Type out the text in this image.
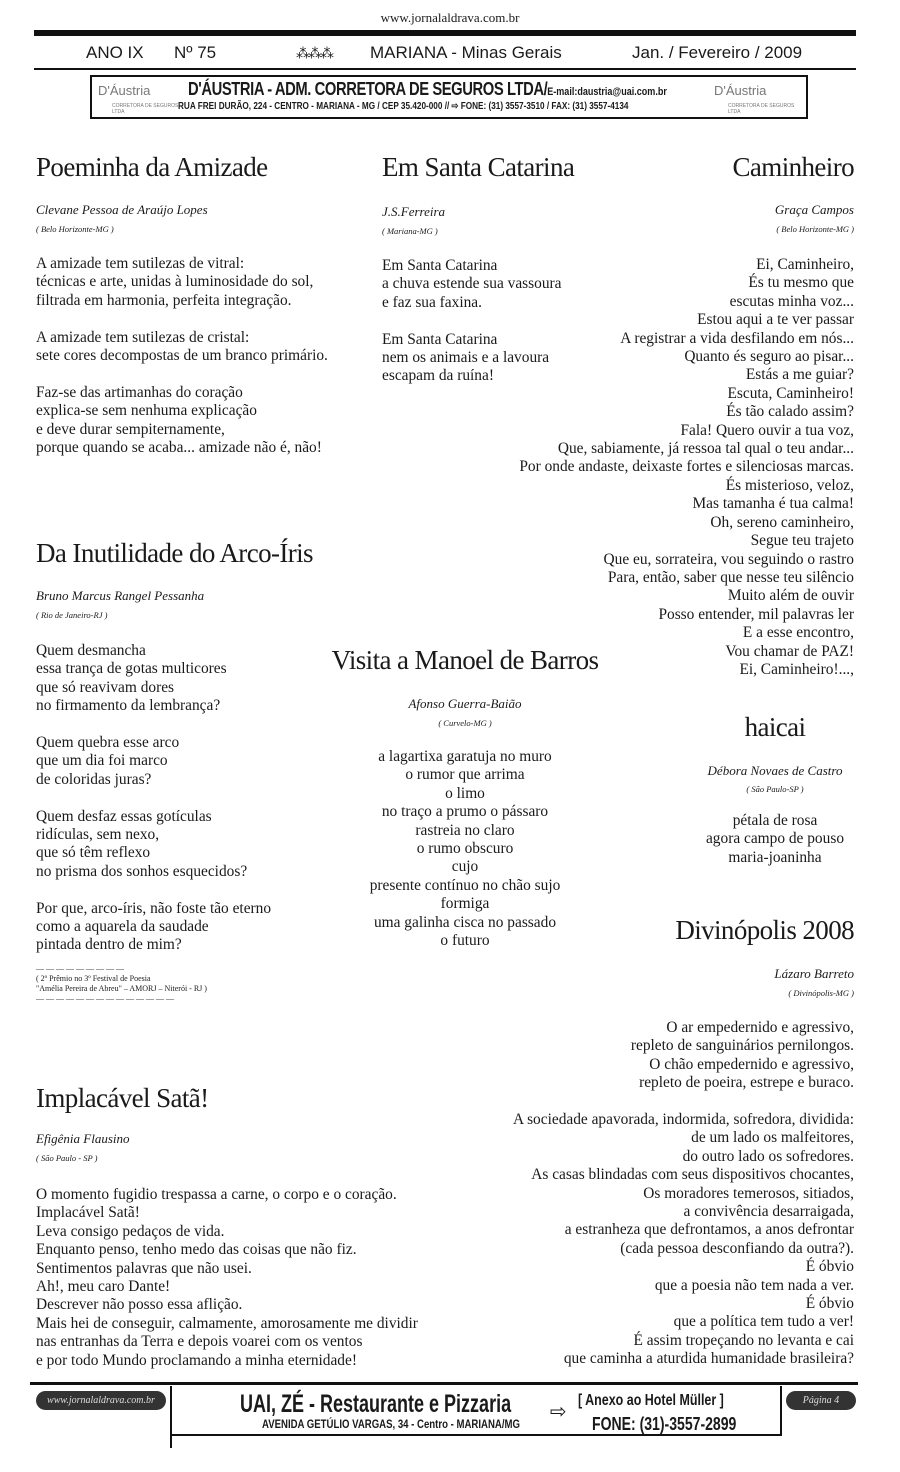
www.jornalaldrava.com.br
ANO IX Nº 75	⁂⁂⁂ MARIANA - Minas Gerais	Jan. / Fevereiro / 2009
D'Áustria
CORRETORA DE SEGUROS LTDA
D'ÁUSTRIA - ADM. CORRETORA DE SEGUROS LTDA/E-mail:daustria@uai.com.br
RUA FREI DURÃO, 224 - CENTRO - MARIANA - MG / CEP 35.420-000 // ⇨ FONE: (31) 3557-3510 / FAX: (31) 3557-4134
D'Áustria
CORRETORA DE SEGUROS LTDA
Poeminha da Amizade
Clevane Pessoa de Araújo Lopes
( Belo Horizonte-MG )
A amizade tem sutilezas de vitral:
técnicas e arte, unidas à luminosidade do sol,
filtrada em harmonia, perfeita integração.
A amizade tem sutilezas de cristal:
sete cores decompostas de um branco primário.
Faz-se das artimanhas do coração
explica-se sem nenhuma explicação
e deve durar sempiternamente,
porque quando se acaba... amizade não é, não!
Em Santa Catarina
J.S.Ferreira
( Mariana-MG )
Em Santa Catarina
a chuva estende sua vassoura
e faz sua faxina.
Em Santa Catarina
nem os animais e a lavoura
escapam da ruína!
Caminheiro
Graça Campos
( Belo Horizonte-MG )
Ei, Caminheiro,
És tu mesmo que
escutas minha voz...
Estou aqui a te ver passar
A registrar a vida desfilando em nós...
Quanto és seguro ao pisar...
Estás a me guiar?
Escuta, Caminheiro!
És tão calado assim?
Fala! Quero ouvir a tua voz,
Que, sabiamente, já ressoa tal qual o teu andar...
Por onde andaste, deixaste fortes e silenciosas marcas.
És misterioso, veloz,
Mas tamanha é tua calma!
Oh, sereno caminheiro,
Segue teu trajeto
Que eu, sorrateira, vou seguindo o rastro
Para, então, saber que nesse teu silêncio
Muito além de ouvir
Posso entender, mil palavras ler
E a esse encontro,
Vou chamar de PAZ!
Ei, Caminheiro!...,
Da Inutilidade do Arco-Íris
Bruno Marcus Rangel Pessanha
( Rio de Janeiro-RJ )
Quem desmancha
essa trança de gotas multicores
que só reavivam dores
no firmamento da lembrança?
Quem quebra esse arco
que um dia foi marco
de coloridas juras?
Quem desfaz essas gotículas
ridículas, sem nexo,
que só têm reflexo
no prisma dos sonhos esquecidos?
Por que, arco-íris, não foste tão eterno
como a aquarela da saudade
pintada dentro de mim?
— — — — — — — — —
( 2º Prêmio no 3º Festival de Poesia
"Amélia Pereira de Abreu" – AMORJ – Niterói - RJ )
— — — — — — — — — — — — — —
Visita a Manoel de Barros
Afonso Guerra-Baião
( Curvelo-MG )
a lagartixa garatuja no muro
o rumor que arrima
o limo
no traço a prumo o pássaro
rastreia no claro
o rumo obscuro
cujo
presente contínuo no chão sujo
formiga
uma galinha cisca no passado
o futuro
haicai
Débora Novaes de Castro
( São Paulo-SP )
pétala de rosa
agora campo de pouso
maria-joaninha
Divinópolis 2008
Lázaro Barreto
( Divinópolis-MG )
O ar empedernido e agressivo,
repleto de sanguinários pernilongos.
O chão empedernido e agressivo,
repleto de poeira, estrepe e buraco.
A sociedade apavorada, indormida, sofredora, dividida:
de um lado os malfeitores,
do outro lado os sofredores.
As casas blindadas com seus dispositivos chocantes,
Os moradores temerosos, sitiados,
a convivência desarraigada,
a estranheza que defrontamos, a anos defrontar
(cada pessoa desconfiando da outra?).
É óbvio
que a poesia não tem nada a ver.
É óbvio
que a política tem tudo a ver!
É assim tropeçando no levanta e cai
que caminha a aturdida humanidade brasileira?
Implacável Satã!
Efigênia Flausino
( São Paulo - SP )
O momento fugidio trespassa a carne, o corpo e o coração.
Implacável Satã!
Leva consigo pedaços de vida.
Enquanto penso, tenho medo das coisas que não fiz.
Sentimentos palavras que não usei.
Ah!, meu caro Dante!
Descrever não posso essa aflição.
Mais hei de conseguir, calmamente, amorosamente me dividir
nas entranhas da Terra e depois voarei com os ventos
e por todo Mundo proclamando a minha eternidade!
www.jornalaldrava.com.br	UAI, ZÉ - Restaurante e Pizzaria
AVENIDA GETÚLIO VARGAS, 34 - Centro - MARIANA/MG
⇨ [ Anexo ao Hotel Müller ]
FONE: (31)-3557-2899
Página 4
